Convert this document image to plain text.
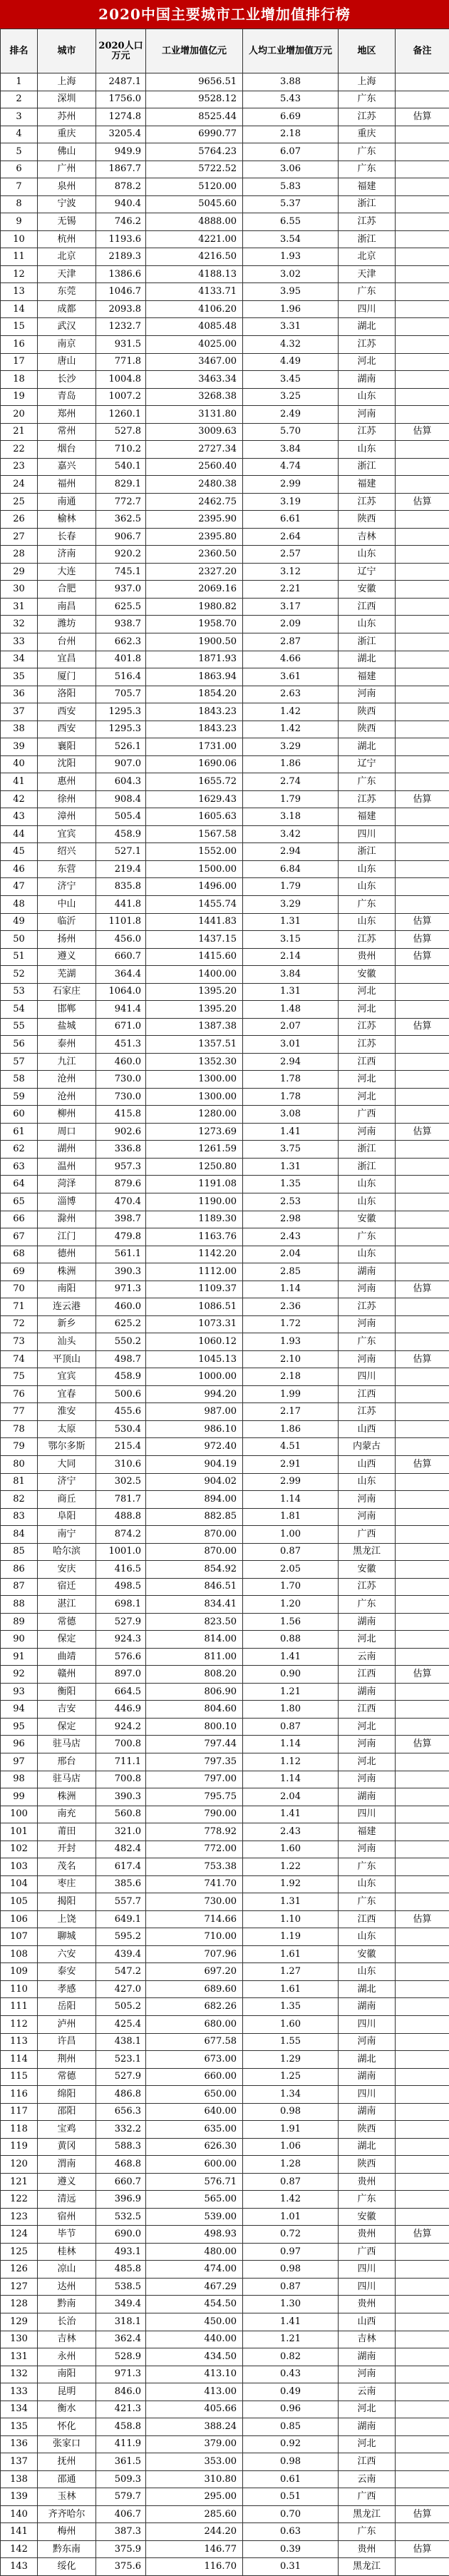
2020中国主要城市工业增加值排行榜
排名	城市	2020人口万元	工业增加值亿元	人均工业增加值万元	地区	备注
1	上海	2487.1	9656.51	3.88	上海	
2	深圳	1756.0	9528.12	5.43	广东	
3	苏州	1274.8	8525.44	6.69	江苏	估算
4	重庆	3205.4	6990.77	2.18	重庆	
5	佛山	949.9	5764.23	6.07	广东	
6	广州	1867.7	5722.52	3.06	广东	
7	泉州	878.2	5120.00	5.83	福建	
8	宁波	940.4	5045.60	5.37	浙江	
9	无锡	746.2	4888.00	6.55	江苏	
10	杭州	1193.6	4221.00	3.54	浙江	
11	北京	2189.3	4216.50	1.93	北京	
12	天津	1386.6	4188.13	3.02	天津	
13	东莞	1046.7	4133.71	3.95	广东	
14	成都	2093.8	4106.20	1.96	四川	
15	武汉	1232.7	4085.48	3.31	湖北	
16	南京	931.5	4025.00	4.32	江苏	
17	唐山	771.8	3467.00	4.49	河北	
18	长沙	1004.8	3463.34	3.45	湖南	
19	青岛	1007.2	3268.38	3.25	山东	
20	郑州	1260.1	3131.80	2.49	河南	
21	常州	527.8	3009.63	5.70	江苏	估算
22	烟台	710.2	2727.34	3.84	山东	
23	嘉兴	540.1	2560.40	4.74	浙江	
24	福州	829.1	2480.38	2.99	福建	
25	南通	772.7	2462.75	3.19	江苏	估算
26	榆林	362.5	2395.90	6.61	陕西	
27	长春	906.7	2395.80	2.64	吉林	
28	济南	920.2	2360.50	2.57	山东	
29	大连	745.1	2327.20	3.12	辽宁	
30	合肥	937.0	2069.16	2.21	安徽	
31	南昌	625.5	1980.82	3.17	江西	
32	潍坊	938.7	1958.70	2.09	山东	
33	台州	662.3	1900.50	2.87	浙江	
34	宜昌	401.8	1871.93	4.66	湖北	
35	厦门	516.4	1863.94	3.61	福建	
36	洛阳	705.7	1854.20	2.63	河南	
37	西安	1295.3	1843.23	1.42	陕西	
38	西安	1295.3	1843.23	1.42	陕西	
39	襄阳	526.1	1731.00	3.29	湖北	
40	沈阳	907.0	1690.06	1.86	辽宁	
41	惠州	604.3	1655.72	2.74	广东	
42	徐州	908.4	1629.43	1.79	江苏	估算
43	漳州	505.4	1605.63	3.18	福建	
44	宜宾	458.9	1567.58	3.42	四川	
45	绍兴	527.1	1552.00	2.94	浙江	
46	东营	219.4	1500.00	6.84	山东	
47	济宁	835.8	1496.00	1.79	山东	
48	中山	441.8	1455.74	3.29	广东	
49	临沂	1101.8	1441.83	1.31	山东	估算
50	扬州	456.0	1437.15	3.15	江苏	估算
51	遵义	660.7	1415.60	2.14	贵州	估算
52	芜湖	364.4	1400.00	3.84	安徽	
53	石家庄	1064.0	1395.20	1.31	河北	
54	邯郸	941.4	1395.20	1.48	河北	
55	盐城	671.0	1387.38	2.07	江苏	估算
56	泰州	451.3	1357.51	3.01	江苏	
57	九江	460.0	1352.30	2.94	江西	
58	沧州	730.0	1300.00	1.78	河北	
59	沧州	730.0	1300.00	1.78	河北	
60	柳州	415.8	1280.00	3.08	广西	
61	周口	902.6	1273.69	1.41	河南	估算
62	湖州	336.8	1261.59	3.75	浙江	
63	温州	957.3	1250.80	1.31	浙江	
64	菏泽	879.6	1191.08	1.35	山东	
65	淄博	470.4	1190.00	2.53	山东	
66	滁州	398.7	1189.30	2.98	安徽	
67	江门	479.8	1163.76	2.43	广东	
68	德州	561.1	1142.20	2.04	山东	
69	株洲	390.3	1112.00	2.85	湖南	
70	南阳	971.3	1109.37	1.14	河南	估算
71	连云港	460.0	1086.51	2.36	江苏	
72	新乡	625.2	1073.31	1.72	河南	
73	汕头	550.2	1060.12	1.93	广东	
74	平顶山	498.7	1045.13	2.10	河南	估算
75	宜宾	458.9	1000.00	2.18	四川	
76	宜春	500.6	994.20	1.99	江西	
77	淮安	455.6	987.00	2.17	江苏	
78	太原	530.4	986.10	1.86	山西	
79	鄂尔多斯	215.4	972.40	4.51	内蒙古	
80	大同	310.6	904.19	2.91	山西	估算
81	济宁	302.5	904.02	2.99	山东	
82	商丘	781.7	894.00	1.14	河南	
83	阜阳	488.8	882.85	1.81	河南	
84	南宁	874.2	870.00	1.00	广西	
85	哈尔滨	1001.0	870.00	0.87	黑龙江	
86	安庆	416.5	854.92	2.05	安徽	
87	宿迁	498.5	846.51	1.70	江苏	
88	湛江	698.1	834.41	1.20	广东	
89	常德	527.9	823.50	1.56	湖南	
90	保定	924.3	814.00	0.88	河北	
91	曲靖	576.6	811.00	1.41	云南	
92	赣州	897.0	808.20	0.90	江西	估算
93	衡阳	664.5	806.90	1.21	湖南	
94	吉安	446.9	804.60	1.80	江西	
95	保定	924.2	800.10	0.87	河北	
96	驻马店	700.8	797.44	1.14	河南	估算
97	邢台	711.1	797.35	1.12	河北	
98	驻马店	700.8	797.00	1.14	河南	
99	株洲	390.3	795.75	2.04	湖南	
100	南充	560.8	790.00	1.41	四川	
101	莆田	321.0	778.92	2.43	福建	
102	开封	482.4	772.00	1.60	河南	
103	茂名	617.4	753.38	1.22	广东	
104	枣庄	385.6	741.70	1.92	山东	
105	揭阳	557.7	730.00	1.31	广东	
106	上饶	649.1	714.66	1.10	江西	估算
107	聊城	595.2	710.00	1.19	山东	
108	六安	439.4	707.96	1.61	安徽	
109	泰安	547.2	697.20	1.27	山东	
110	孝感	427.0	689.60	1.61	湖北	
111	岳阳	505.2	682.26	1.35	湖南	
112	泸州	425.4	680.00	1.60	四川	
113	许昌	438.1	677.58	1.55	河南	
114	荆州	523.1	673.00	1.29	湖北	
115	常德	527.9	660.00	1.25	湖南	
116	绵阳	486.8	650.00	1.34	四川	
117	邵阳	656.3	640.00	0.98	湖南	
118	宝鸡	332.2	635.00	1.91	陕西	
119	黄冈	588.3	626.30	1.06	湖北	
120	渭南	468.8	600.00	1.28	陕西	
121	遵义	660.7	576.71	0.87	贵州	
122	清远	396.9	565.00	1.42	广东	
123	宿州	532.5	539.00	1.01	安徽	
124	毕节	690.0	498.93	0.72	贵州	估算
125	桂林	493.1	480.00	0.97	广西	
126	凉山	485.8	474.00	0.98	四川	
127	达州	538.5	467.29	0.87	四川	
128	黔南	349.4	454.50	1.30	贵州	
129	长治	318.1	450.00	1.41	山西	
130	吉林	362.4	440.00	1.21	吉林	
131	永州	528.9	434.50	0.82	湖南	
132	南阳	971.3	413.10	0.43	河南	
133	昆明	846.0	413.00	0.49	云南	
134	衡水	421.3	405.66	0.96	河北	
135	怀化	458.8	388.24	0.85	湖南	
136	张家口	411.9	379.00	0.92	河北	
137	抚州	361.5	353.00	0.98	江西	
138	邵通	509.3	310.80	0.61	云南	
139	玉林	579.7	295.00	0.51	广西	
140	齐齐哈尔	406.7	285.60	0.70	黑龙江	估算
141	梅州	387.3	244.20	0.63	广东	
142	黔东南	375.9	146.77	0.39	贵州	估算
143	绥化	375.6	116.70	0.31	黑龙江	
